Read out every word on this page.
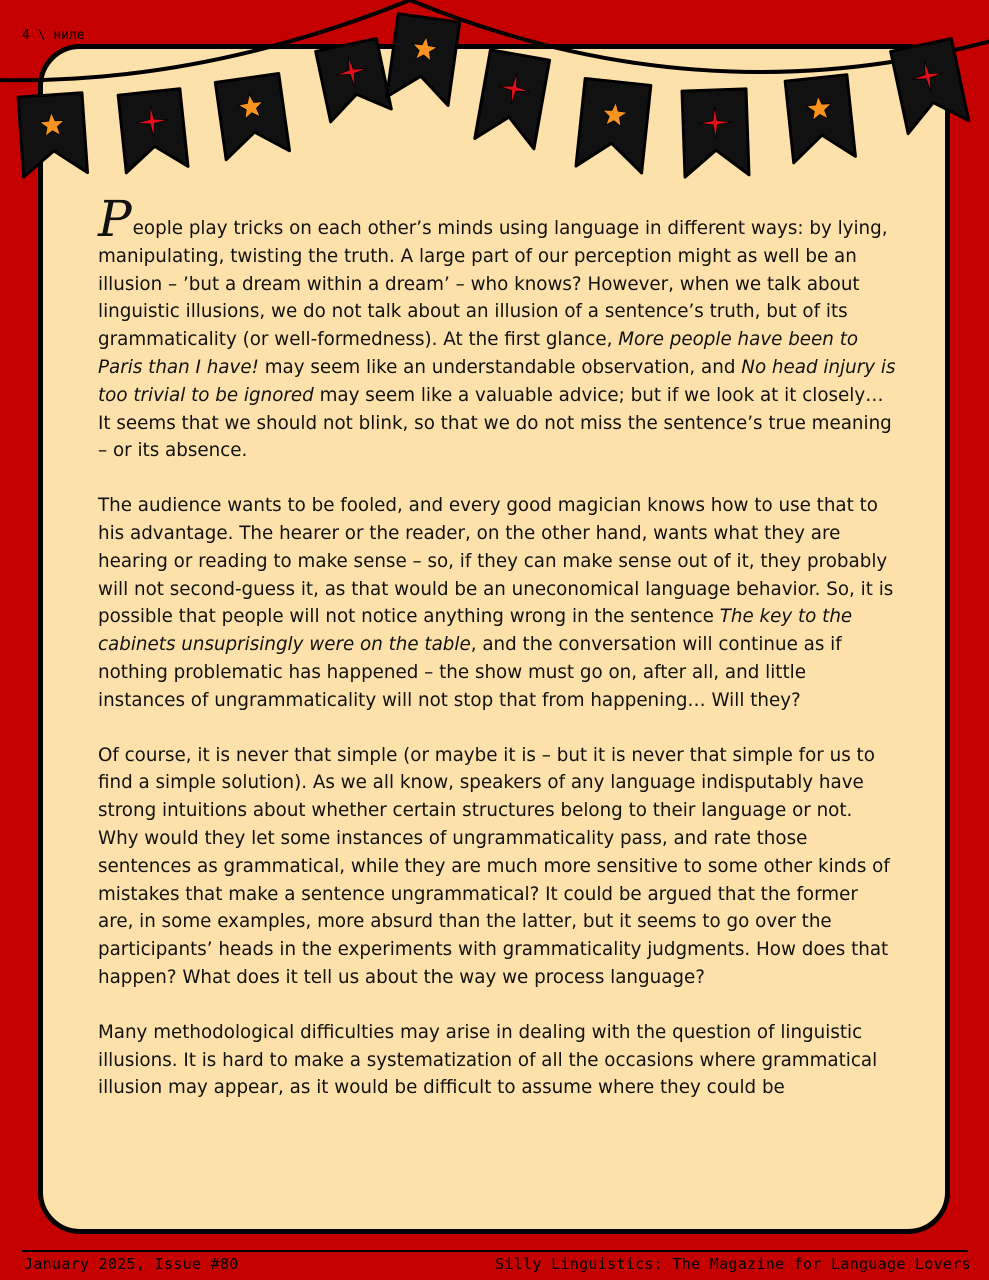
4 \ ниле

People play tricks on each other’s minds using language in different ways: by lying, manipulating, twisting the truth. A large part of our perception might as well be an illusion – ’but a dream within a dream’ – who knows? However, when we talk about linguistic illusions, we do not talk about an illusion of a sentence’s truth, but of its grammaticality (or well-formedness). At the first glance, More people have been to Paris than I have! may seem like an understandable observation, and No head injury is too trivial to be ignored may seem like a valuable advice; but if we look at it closely… It seems that we should not blink, so that we do not miss the sentence’s true meaning – or its absence.

The audience wants to be fooled, and every good magician knows how to use that to his advantage. The hearer or the reader, on the other hand, wants what they are hearing or reading to make sense – so, if they can make sense out of it, they probably will not second-guess it, as that would be an uneconomical language behavior. So, it is possible that people will not notice anything wrong in the sentence The key to the cabinets unsuprisingly were on the table, and the conversation will continue as if nothing problematic has happened – the show must go on, after all, and little instances of ungrammaticality will not stop that from happening… Will they?

Of course, it is never that simple (or maybe it is – but it is never that simple for us to find a simple solution). As we all know, speakers of any language indisputably have strong intuitions about whether certain structures belong to their language or not. Why would they let some instances of ungrammaticality pass, and rate those sentences as grammatical, while they are much more sensitive to some other kinds of mistakes that make a sentence ungrammatical? It could be argued that the former are, in some examples, more absurd than the latter, but it seems to go over the participants’ heads in the experiments with grammaticality judgments. How does that happen? What does it tell us about the way we process language?

Many methodological difficulties may arise in dealing with the question of linguistic illusions. It is hard to make a systematization of all the occasions where grammatical illusion may appear, as it would be difficult to assume where they could be

January 2025, Issue #80	Silly Linguistics: The Magazine for Language Lovers
